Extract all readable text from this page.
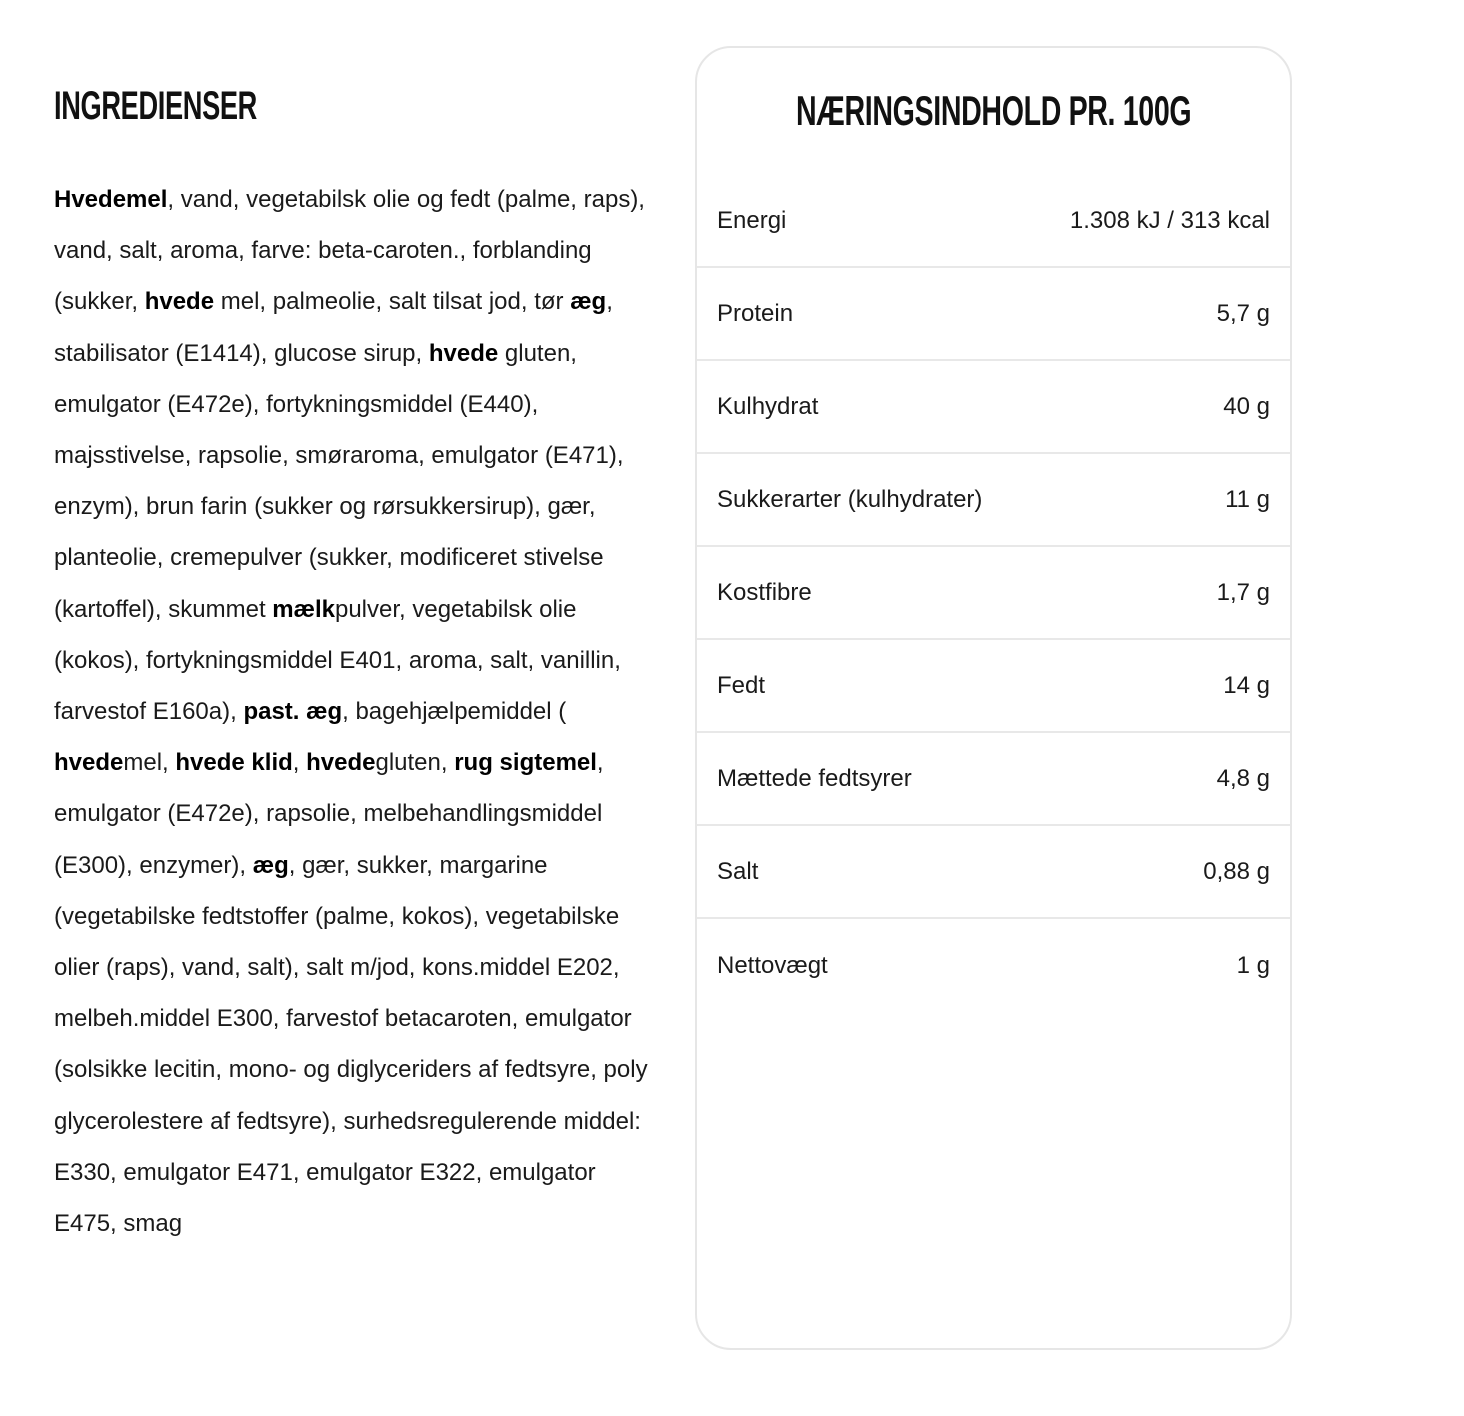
INGREDIENSER

Hvedemel, vand, vegetabilsk olie og fedt (palme, raps), vand, salt, aroma, farve: beta-caroten., forblanding (sukker, hvede mel, palmeolie, salt tilsat jod, tør æg, stabilisator (E1414), glucose sirup, hvede gluten, emulgator (E472e), fortykningsmiddel (E440), majsstivelse, rapsolie, smøraroma, emulgator (E471), enzym), brun farin (sukker og rørsukkersirup), gær, planteolie, cremepulver (sukker, modificeret stivelse (kartoffel), skummet mælkpulver, vegetabilsk olie (kokos), fortykningsmiddel E401, aroma, salt, vanillin, farvestof E160a), past. æg, bagehjælpemiddel (
hvedemel, hvede klid, hvedegluten, rug sigtemel, emulgator (E472e), rapsolie, melbehandlingsmiddel (E300), enzymer), æg, gær, sukker, margarine (vegetabilske fedtstoffer (palme, kokos), vegetabilske olier (raps), vand, salt), salt m/jod, kons.middel E202, melbeh.middel E300, farvestof betacaroten, emulgator (solsikke lecitin, mono- og diglyceriders af fedtsyre, poly glycerolestere af fedtsyre), surhedsregulerende middel: E330, emulgator E471, emulgator E322, emulgator E475, smag

NÆRINGSINDHOLD PR. 100G
Energi	1.308 kJ / 313 kcal
Protein	5,7 g
Kulhydrat	40 g
Sukkerarter (kulhydrater)	11 g
Kostfibre	1,7 g
Fedt	14 g
Mættede fedtsyrer	4,8 g
Salt	0,88 g
Nettovægt	1 g
